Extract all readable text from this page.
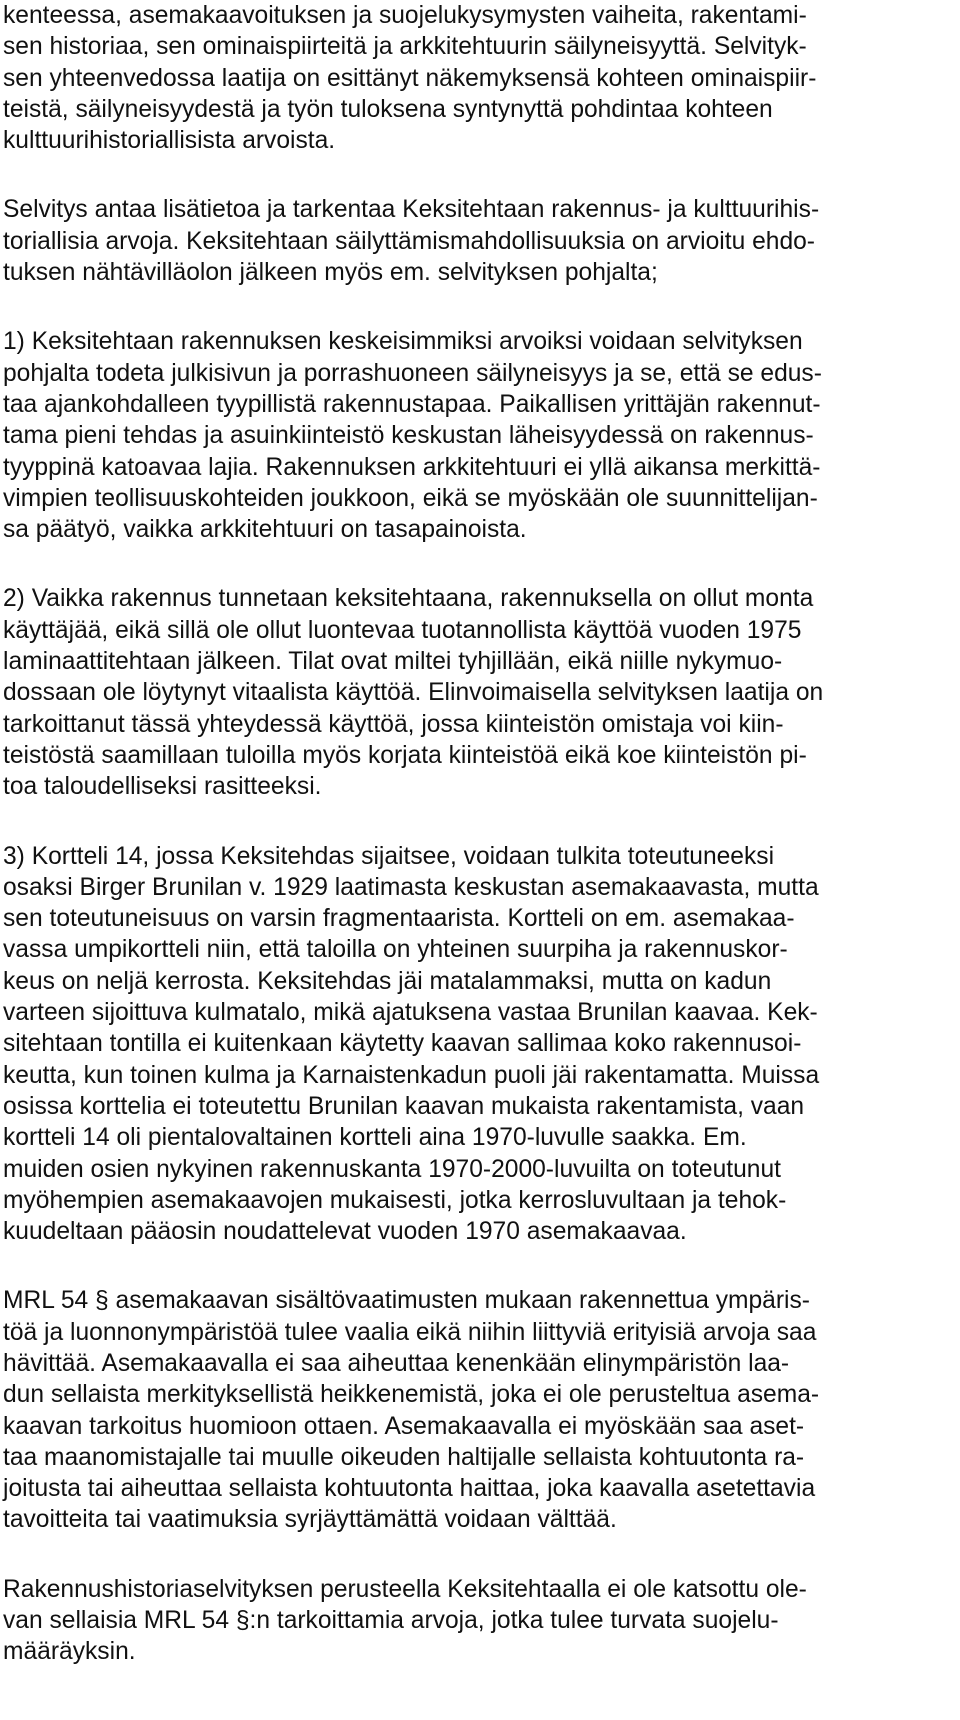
kenteessa, asemakaavoituksen ja suojelukysymysten vaiheita, rakentami-
sen historiaa, sen ominaispiirteitä ja arkkitehtuurin säilyneisyyttä. Selvityk-
sen yhteenvedossa laatija on esittänyt näkemyksensä kohteen ominaispiir-
teistä, säilyneisyydestä ja työn tuloksena syntynyttä pohdintaa kohteen
kulttuurihistoriallisista arvoista.
Selvitys antaa lisätietoa ja tarkentaa Keksitehtaan rakennus- ja kulttuurihis-
toriallisia arvoja. Keksitehtaan säilyttämismahdollisuuksia on arvioitu ehdo-
tuksen nähtävilläolon jälkeen myös em. selvityksen pohjalta;
1) Keksitehtaan rakennuksen keskeisimmiksi arvoiksi voidaan selvityksen
pohjalta todeta julkisivun ja porrashuoneen säilyneisyys ja se, että se edus-
taa ajankohdalleen tyypillistä rakennustapaa. Paikallisen yrittäjän rakennut-
tama pieni tehdas ja asuinkiinteistö keskustan läheisyydessä on rakennus-
tyyppinä katoavaa lajia. Rakennuksen arkkitehtuuri ei yllä aikansa merkittä-
vimpien teollisuuskohteiden joukkoon, eikä se myöskään ole suunnittelijan-
sa päätyö, vaikka arkkitehtuuri on tasapainoista.
2) Vaikka rakennus tunnetaan keksitehtaana, rakennuksella on ollut monta
käyttäjää, eikä sillä ole ollut luontevaa tuotannollista käyttöä vuoden 1975
laminaattitehtaan jälkeen. Tilat ovat miltei tyhjillään, eikä niille nykymuo-
dossaan ole löytynyt vitaalista käyttöä. Elinvoimaisella selvityksen laatija on
tarkoittanut tässä yhteydessä käyttöä, jossa kiinteistön omistaja voi kiin-
teistöstä saamillaan tuloilla myös korjata kiinteistöä eikä koe kiinteistön pi-
toa taloudelliseksi rasitteeksi.
3) Kortteli 14, jossa Keksitehdas sijaitsee, voidaan tulkita toteutuneeksi
osaksi Birger Brunilan v. 1929 laatimasta keskustan asemakaavasta, mutta
sen toteutuneisuus on varsin fragmentaarista. Kortteli on em. asemakaa-
vassa umpikortteli niin, että taloilla on yhteinen suurpiha ja rakennuskor-
keus on neljä kerrosta. Keksitehdas jäi matalammaksi, mutta on kadun
varteen sijoittuva kulmatalo, mikä ajatuksena vastaa Brunilan kaavaa. Kek-
sitehtaan tontilla ei kuitenkaan käytetty kaavan sallimaa koko rakennusoi-
keutta, kun toinen kulma ja Karnaistenkadun puoli jäi rakentamatta. Muissa
osissa korttelia ei toteutettu Brunilan kaavan mukaista rakentamista, vaan
kortteli 14 oli pientalovaltainen kortteli aina 1970-luvulle saakka. Em.
muiden osien nykyinen rakennuskanta 1970-2000-luvuilta on toteutunut
myöhempien asemakaavojen mukaisesti, jotka kerrosluvultaan ja tehok-
kuudeltaan pääosin noudattelevat vuoden 1970 asemakaavaa.
MRL 54 § asemakaavan sisältövaatimusten mukaan rakennettua ympäris-
töä ja luonnonympäristöä tulee vaalia eikä niihin liittyviä erityisiä arvoja saa
hävittää. Asemakaavalla ei saa aiheuttaa kenenkään elinympäristön laa-
dun sellaista merkityksellistä heikkenemistä, joka ei ole perusteltua asema-
kaavan tarkoitus huomioon ottaen. Asemakaavalla ei myöskään saa aset-
taa maanomistajalle tai muulle oikeuden haltijalle sellaista kohtuutonta ra-
joitusta tai aiheuttaa sellaista kohtuutonta haittaa, joka kaavalla asetettavia
tavoitteita tai vaatimuksia syrjäyttämättä voidaan välttää.
Rakennushistoriaselvityksen perusteella Keksitehtaalla ei ole katsottu ole-
van sellaisia MRL 54 §:n tarkoittamia arvoja, jotka tulee turvata suojelu-
määräyksin.
